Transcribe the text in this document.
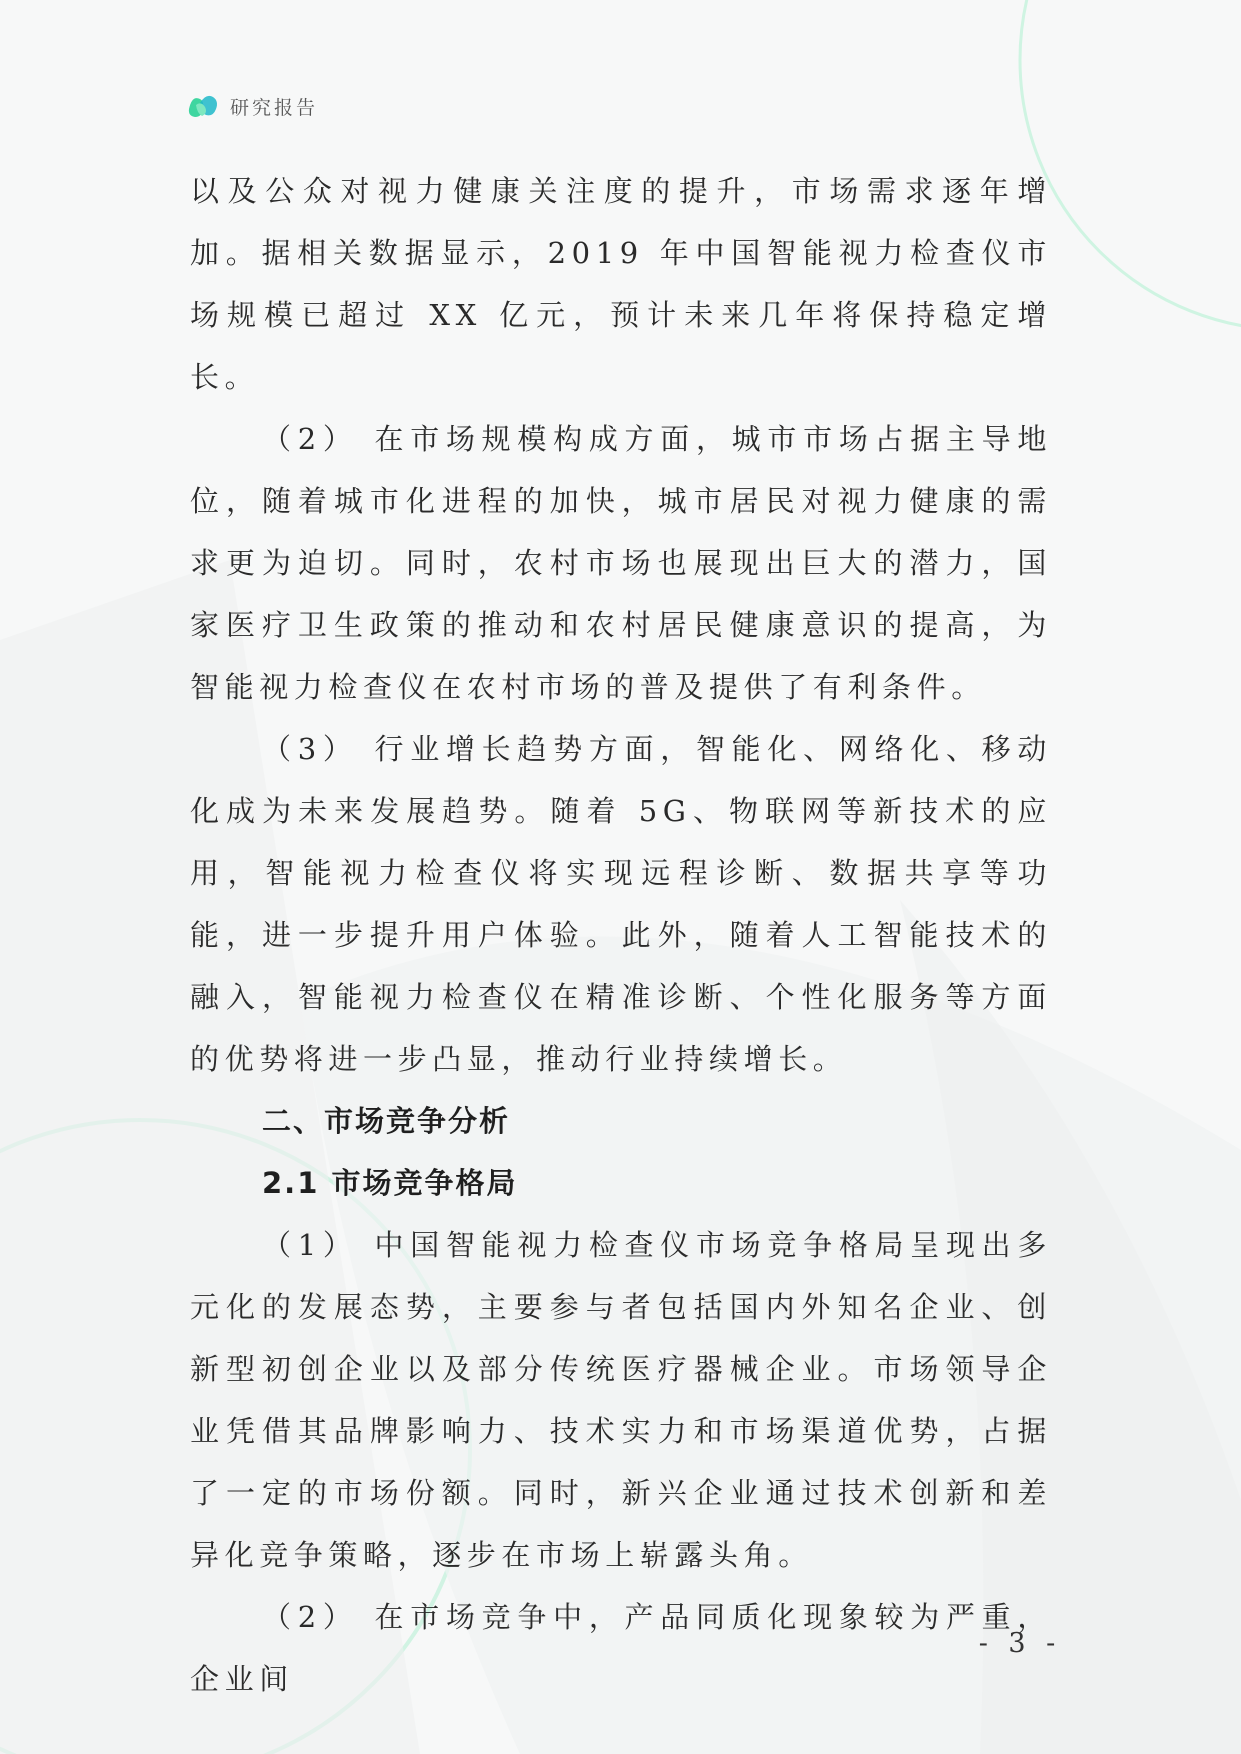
研究报告

以及公众对视力健康关注度的提升，市场需求逐年增加。据相关数据显示，2019 年中国智能视力检查仪市场规模已超过 XX 亿元，预计未来几年将保持稳定增长。

（2） 在市场规模构成方面，城市市场占据主导地位，随着城市化进程的加快，城市居民对视力健康的需求更为迫切。同时，农村市场也展现出巨大的潜力，国家医疗卫生政策的推动和农村居民健康意识的提高，为智能视力检查仪在农村市场的普及提供了有利条件。

（3） 行业增长趋势方面，智能化、网络化、移动化成为未来发展趋势。随着 5G、物联网等新技术的应用，智能视力检查仪将实现远程诊断、数据共享等功能，进一步提升用户体验。此外，随着人工智能技术的融入，智能视力检查仪在精准诊断、个性化服务等方面的优势将进一步凸显，推动行业持续增长。

二、市场竞争分析
2.1 市场竞争格局

（1） 中国智能视力检查仪市场竞争格局呈现出多元化的发展态势，主要参与者包括国内外知名企业、创新型初创企业以及部分传统医疗器械企业。市场领导企业凭借其品牌影响力、技术实力和市场渠道优势，占据了一定的市场份额。同时，新兴企业通过技术创新和差异化竞争策略，逐步在市场上崭露头角。

（2） 在市场竞争中，产品同质化现象较为严重，企业间

- 3 -
